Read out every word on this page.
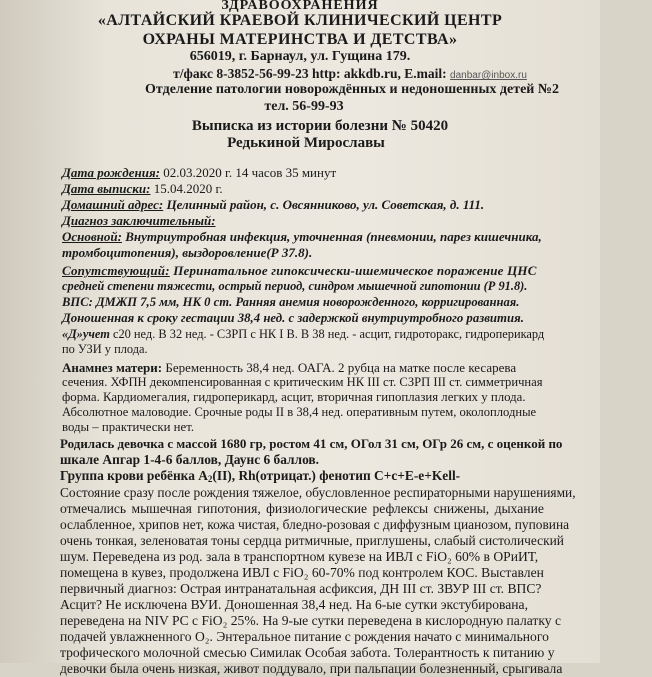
ЗДРАВООХРАНЕНИЯ
«АЛТАЙСКИЙ КРАЕВОЙ КЛИНИЧЕСКИЙ ЦЕНТР
ОХРАНЫ МАТЕРИНСТВА И ДЕТСТВА»
656019, г. Барнаул, ул. Гущина 179.
т/факс 8-3852-56-99-23 http: akkdb.ru, E.mail: danbar@inbox.ru
Отделение патологии новорождённых и недоношенных детей №2
тел. 56-99-93
Выписка из истории болезни № 50420
Редькиной Мирославы
Дата рождения: 02.03.2020 г. 14 часов 35 минут
Дата выписки: 15.04.2020 г.
Домашний адрес: Целинный район, с. Овсянниково, ул. Советская, д. 111.
Диагноз заключительный:
Основной: Внутриутробная инфекция, уточненная (пневмонии, парез кишечника,
тромбоцитопения), выздоровление(Р 37.8).
Сопутствующий: Перинатальное гипоксически-ишемическое поражение ЦНС
средней степени тяжести, острый период, синдром мышечной гипотонии (Р 91.8).
ВПС: ДМЖП 7,5 мм, НК 0 ст. Ранняя анемия новорожденного, корригированная.
Доношенная к сроку гестации 38,4 нед. с задержкой внутриутробного развития.
«Д»учет с20 нед. В 32 нед. - СЗРП с НК I В. В 38 нед. - асцит, гидроторакс, гидроперикард
по УЗИ у плода.
Анамнез матери: Беременность 38,4 нед. ОАГА. 2 рубца на матке после кесарева
сечения. ХФПН декомпенсированная с критическим НК III ст. СЗРП III ст. симметричная
форма. Кардиомегалия, гидроперикард, асцит, вторичная гипоплазия легких у плода.
Абсолютное маловодие. Срочные роды II в 38,4 нед. оперативным путем, околоплодные
воды – практически нет.
Родилась девочка с массой 1680 гр, ростом 41 см, ОГол 31 см, ОГр 26 см, с оценкой по
шкале Апгар 1-4-6 баллов, Даунс 6 баллов.
Группа крови ребёнка A2(II), Rh(отрицат.) фенотип С+с+Е-е+Kell-
Состояние сразу после рождения тяжелое, обусловленное респираторными нарушениями,
отмечались мышечная гипотония, физиологические рефлексы снижены, дыхание
ослабленное, хрипов нет, кожа чистая, бледно-розовая с диффузным цианозом, пуповина
очень тонкая, зеленоватая тоны сердца ритмичные, приглушены, слабый систолический
шум. Переведена из род. зала в транспортном кувезе на ИВЛ с FiO₂ 60% в ОРиИТ,
помещена в кувез, продолжена ИВЛ с FiO₂ 60-70% под контролем КОС. Выставлен
первичный диагноз: Острая интранатальная асфиксия, ДН III ст. ЗВУР III ст. ВПС?
Асцит? Не исключена ВУИ. Доношенная 38,4 нед. На 6-ые сутки экстубирована,
переведена на NIV PC с FiO₂ 25%. На 9-ые сутки переведена в кислородную палатку с
подачей увлажненного O₂. Энтеральное питание с рождения начато с минимального
трофического молочной смесью Симилак Особая забота. Толерантность к питанию у
девочки была очень низкая, живот поддувало, при пальпации болезненный, срыгивала
